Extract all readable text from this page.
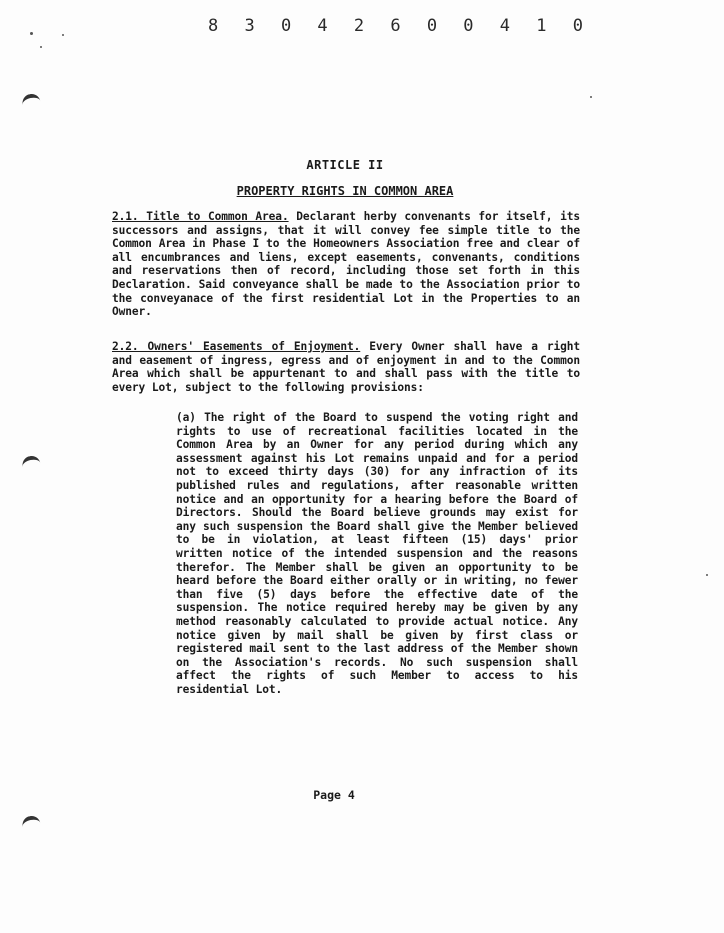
8 3 0 4 2 6 0 0 4 1 0
ARTICLE II
PROPERTY RIGHTS IN COMMON AREA
2.1. Title to Common Area. Declarant herby convenants for itself, its successors and assigns, that it will convey fee simple title to the Common Area in Phase I to the Homeowners Association free and clear of all encumbrances and liens, except easements, convenants, conditions and reservations then of record, including those set forth in this Declaration. Said conveyance shall be made to the Association prior to the conveyanace of the first residential Lot in the Properties to an Owner.
2.2. Owners' Easements of Enjoyment. Every Owner shall have a right and easement of ingress, egress and of enjoyment in and to the Common Area which shall be appurtenant to and shall pass with the title to every Lot, subject to the following provisions:
(a) The right of the Board to suspend the voting right and rights to use of recreational facilities located in the Common Area by an Owner for any period during which any assessment against his Lot remains unpaid and for a period not to exceed thirty days (30) for any infraction of its published rules and regulations, after reasonable written notice and an opportunity for a hearing before the Board of Directors. Should the Board believe grounds may exist for any such suspension the Board shall give the Member believed to be in violation, at least fifteen (15) days' prior written notice of the intended suspension and the reasons therefor. The Member shall be given an opportunity to be heard before the Board either orally or in writing, no fewer than five (5) days before the effective date of the suspension. The notice required hereby may be given by any method reasonably calculated to provide actual notice. Any notice given by mail shall be given by first class or registered mail sent to the last address of the Member shown on the Association's records. No such suspension shall affect the rights of such Member to access to his residential Lot.
Page 4
